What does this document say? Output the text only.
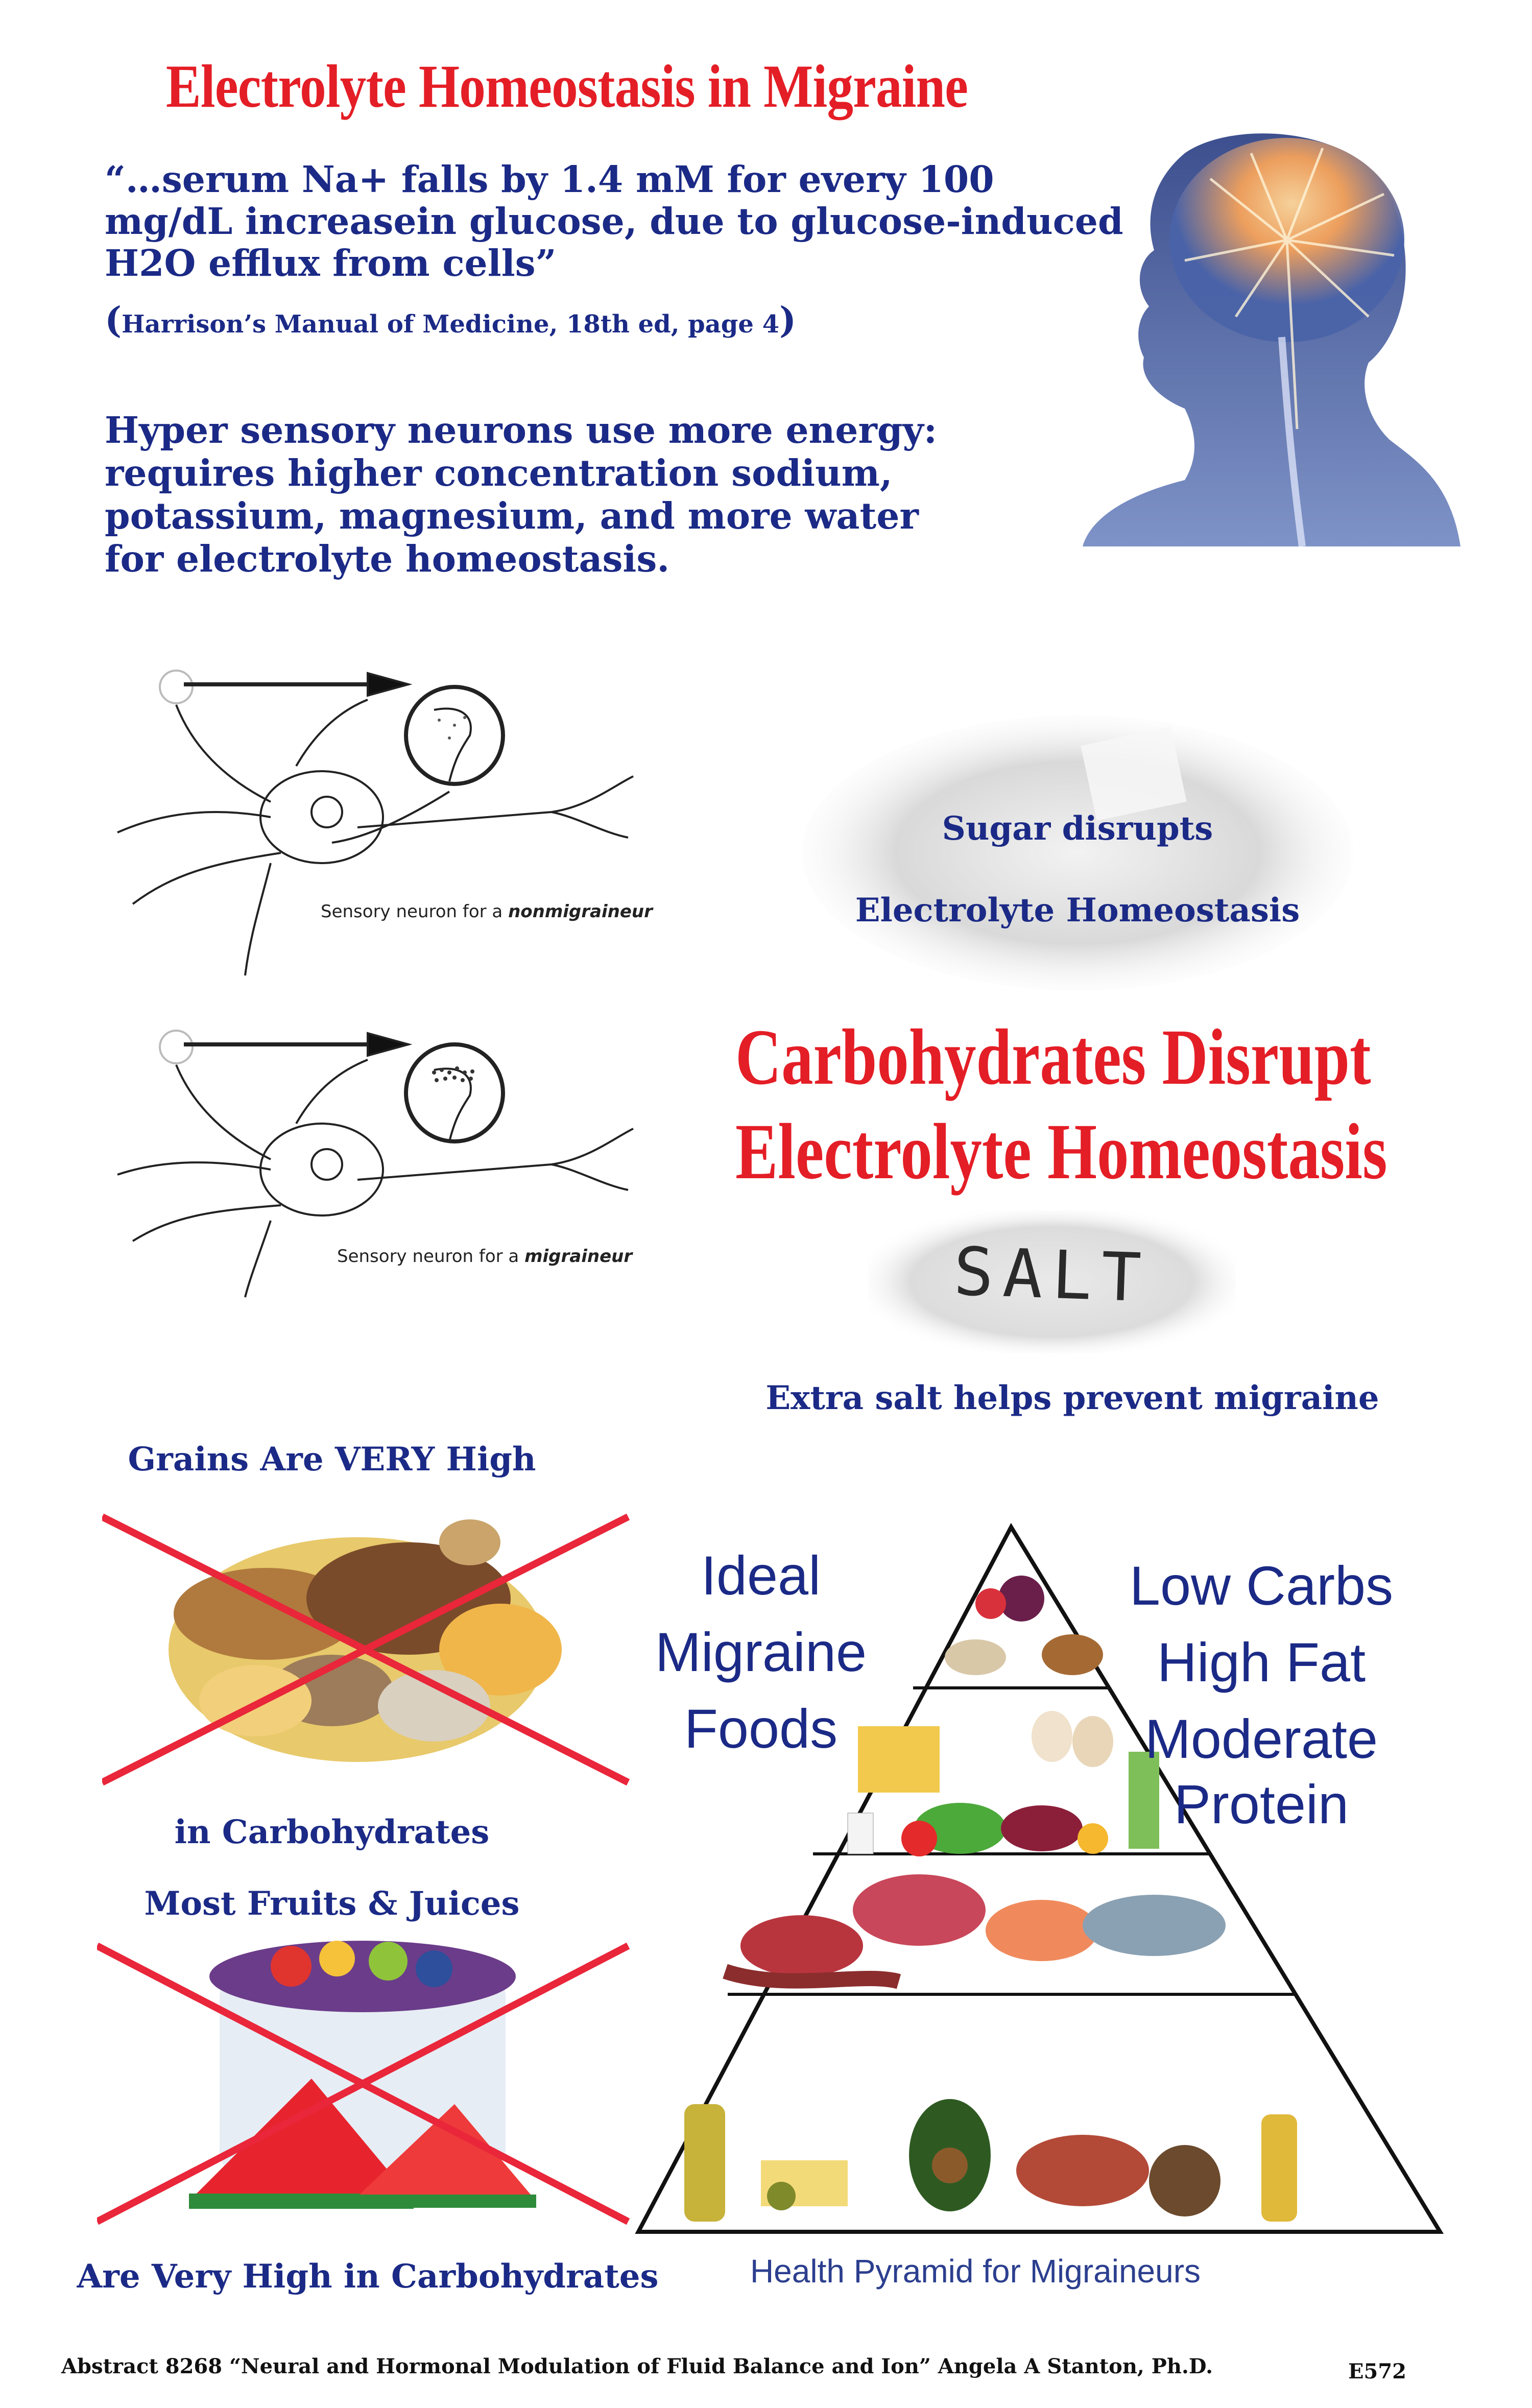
Electrolyte Homeostasis in Migraine
“…serum Na+ falls by 1.4 mM for every 100 mg/dL increasein glucose, due to glucose-induced H2O efflux from cells”
(Harrison’s Manual of Medicine, 18th ed, page 4)
Hyper sensory neurons use more energy: requires higher concentration sodium, potassium, magnesium, and more water for electrolyte homeostasis.
Sensory neuron for a nonmigraineur
Sensory neuron for a migraineur
Sugar disrupts
Electrolyte Homeostasis
Carbohydrates Disrupt
Electrolyte Homeostasis
SALT
Extra salt helps prevent migraine
Grains Are VERY High
in Carbohydrates
Most Fruits & Juices
Are Very High in Carbohydrates
Ideal
Migraine
Foods
Low Carbs
High Fat
Moderate
Protein
Health Pyramid for Migraineurs
Abstract 8268 “Neural and Hormonal Modulation of Fluid Balance and Ion” Angela A Stanton, Ph.D.	E572
